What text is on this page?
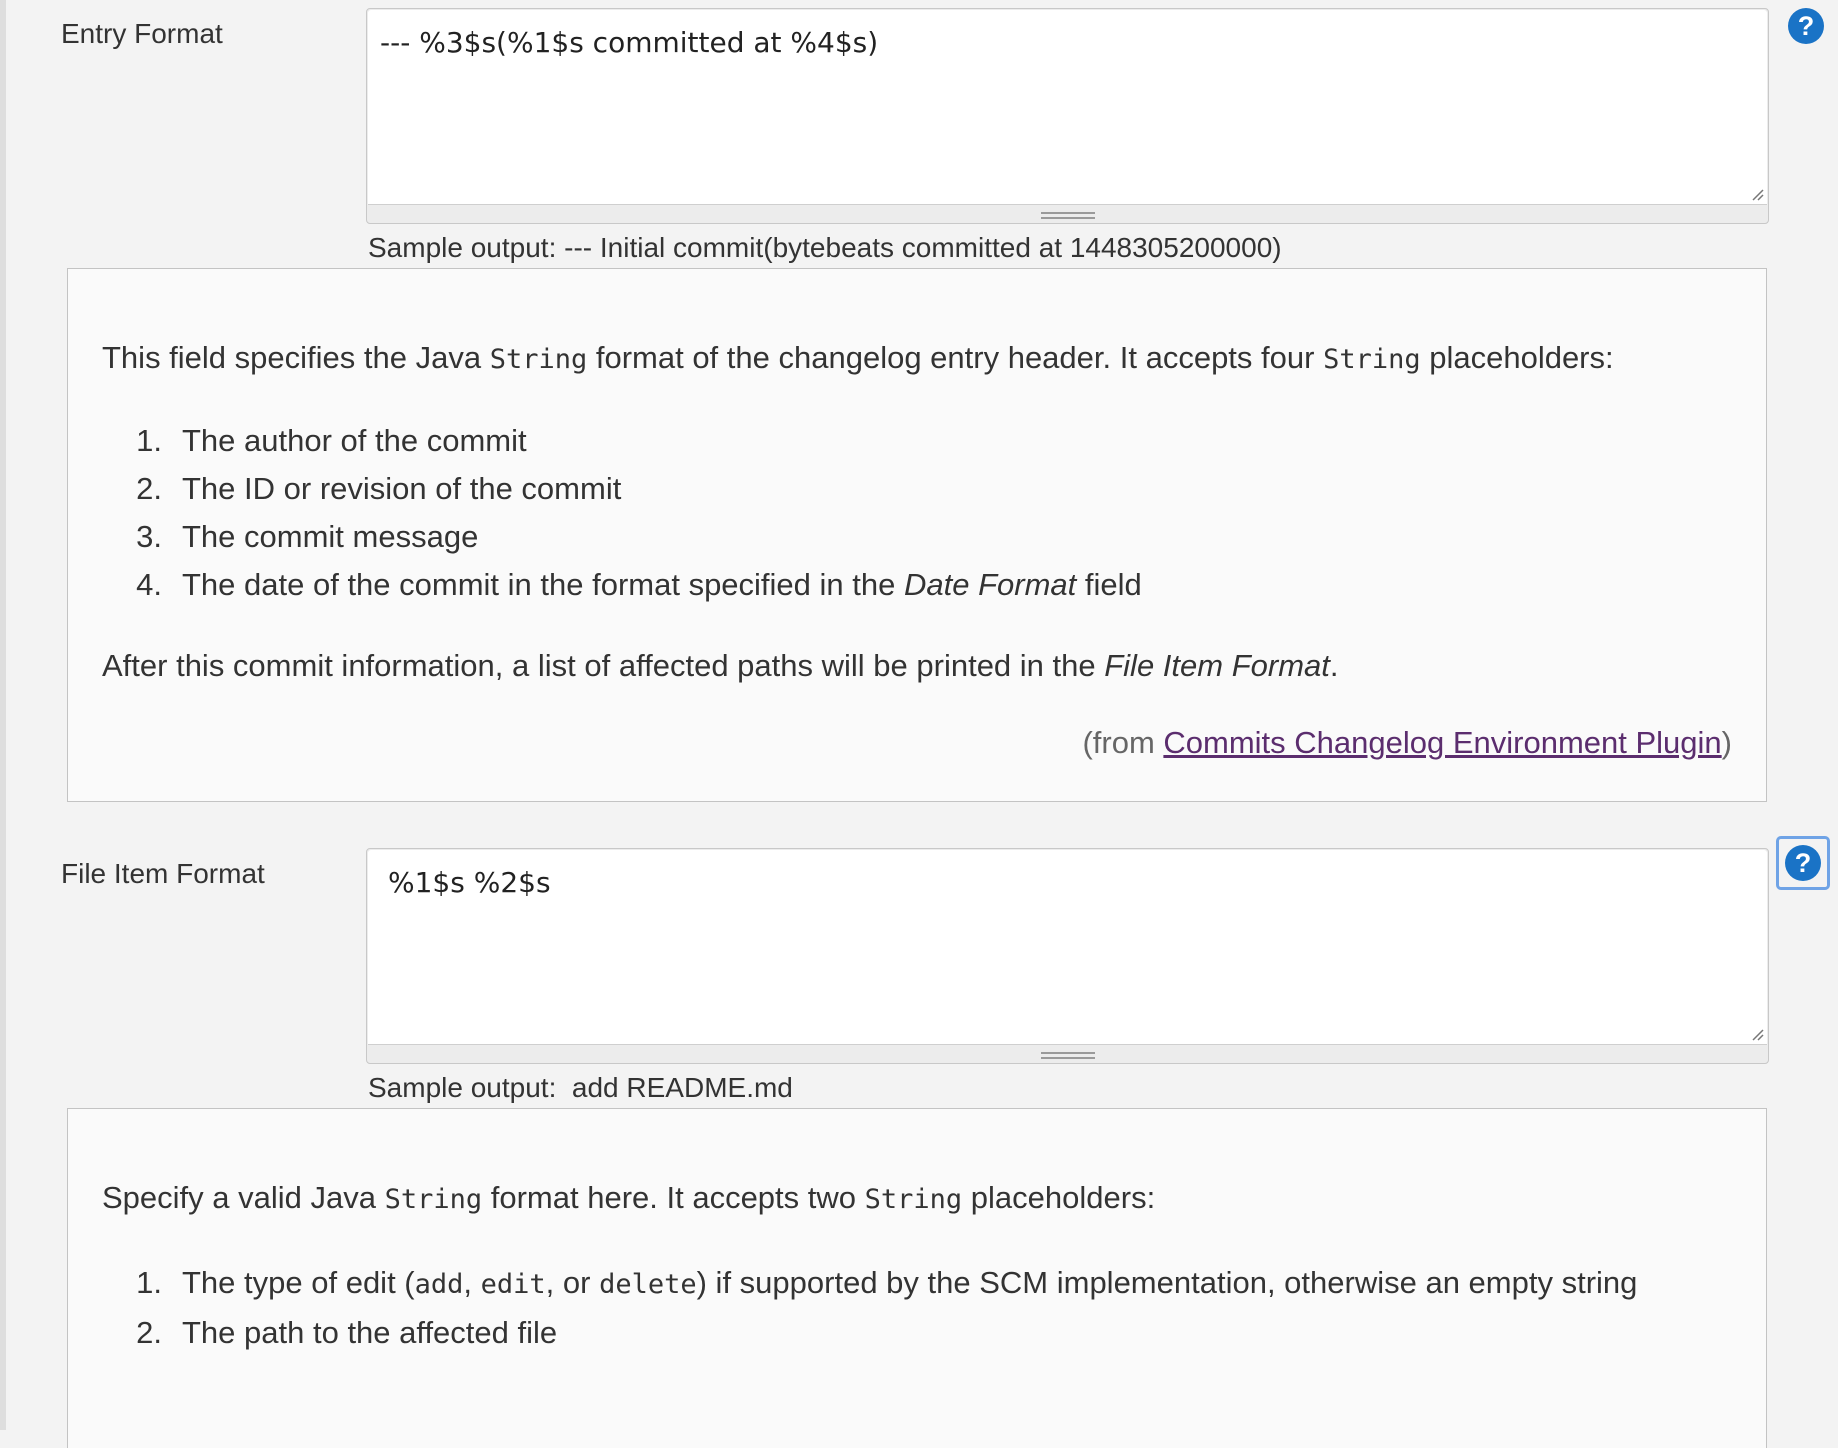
Entry Format	--- %3$s(%1$s committed at %4$s)
Sample output: --- Initial commit(bytebeats committed at 1448305200000)
?

This field specifies the Java String format of the changelog entry header. It accepts four String placeholders:

1. The author of the commit
2. The ID or revision of the commit
3. The commit message
4. The date of the commit in the format specified in the Date Format field

After this commit information, a list of affected paths will be printed in the File Item Format.

(from Commits Changelog Environment Plugin)
File Item Format	%1$s %2$s
Sample output:  add README.md
?

Specify a valid Java String format here. It accepts two String placeholders:

1. The type of edit (add, edit, or delete) if supported by the SCM implementation, otherwise an empty string
2. The path to the affected file
